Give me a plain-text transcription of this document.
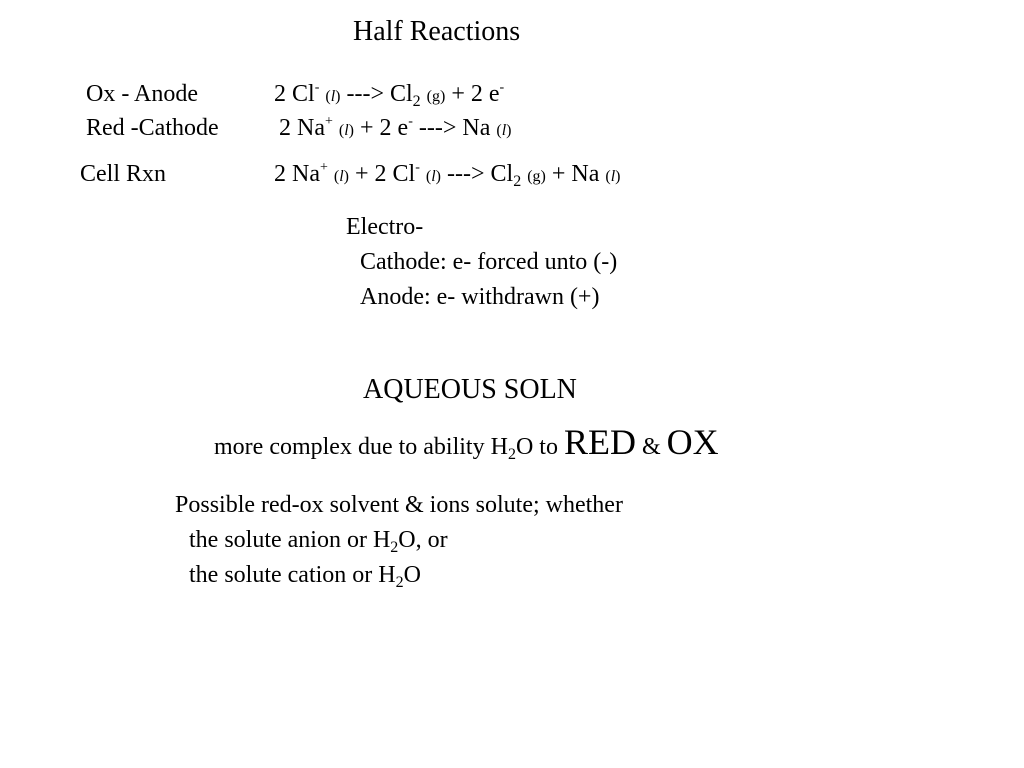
Half Reactions
Ox - Anode	2 Cl- (l) ---> $Cl_2$ (g) + 2 e-
Red -Cathode	2 Na+ (l) + 2 e- ---> Na (l)
Cell Rxn	2 Na+ (l) + 2 Cl- (l) ---> $Cl_2$ (g) + Na (l)
Electro-
Cathode: e- forced unto (-)
Anode: e- withdrawn (+)
AQUEOUS SOLN
more complex due to ability $H_2O$ to RED & OX
Possible red-ox solvent & ions solute; whether
the solute anion or $H_2O$, or
the solute cation or $H_2O$
